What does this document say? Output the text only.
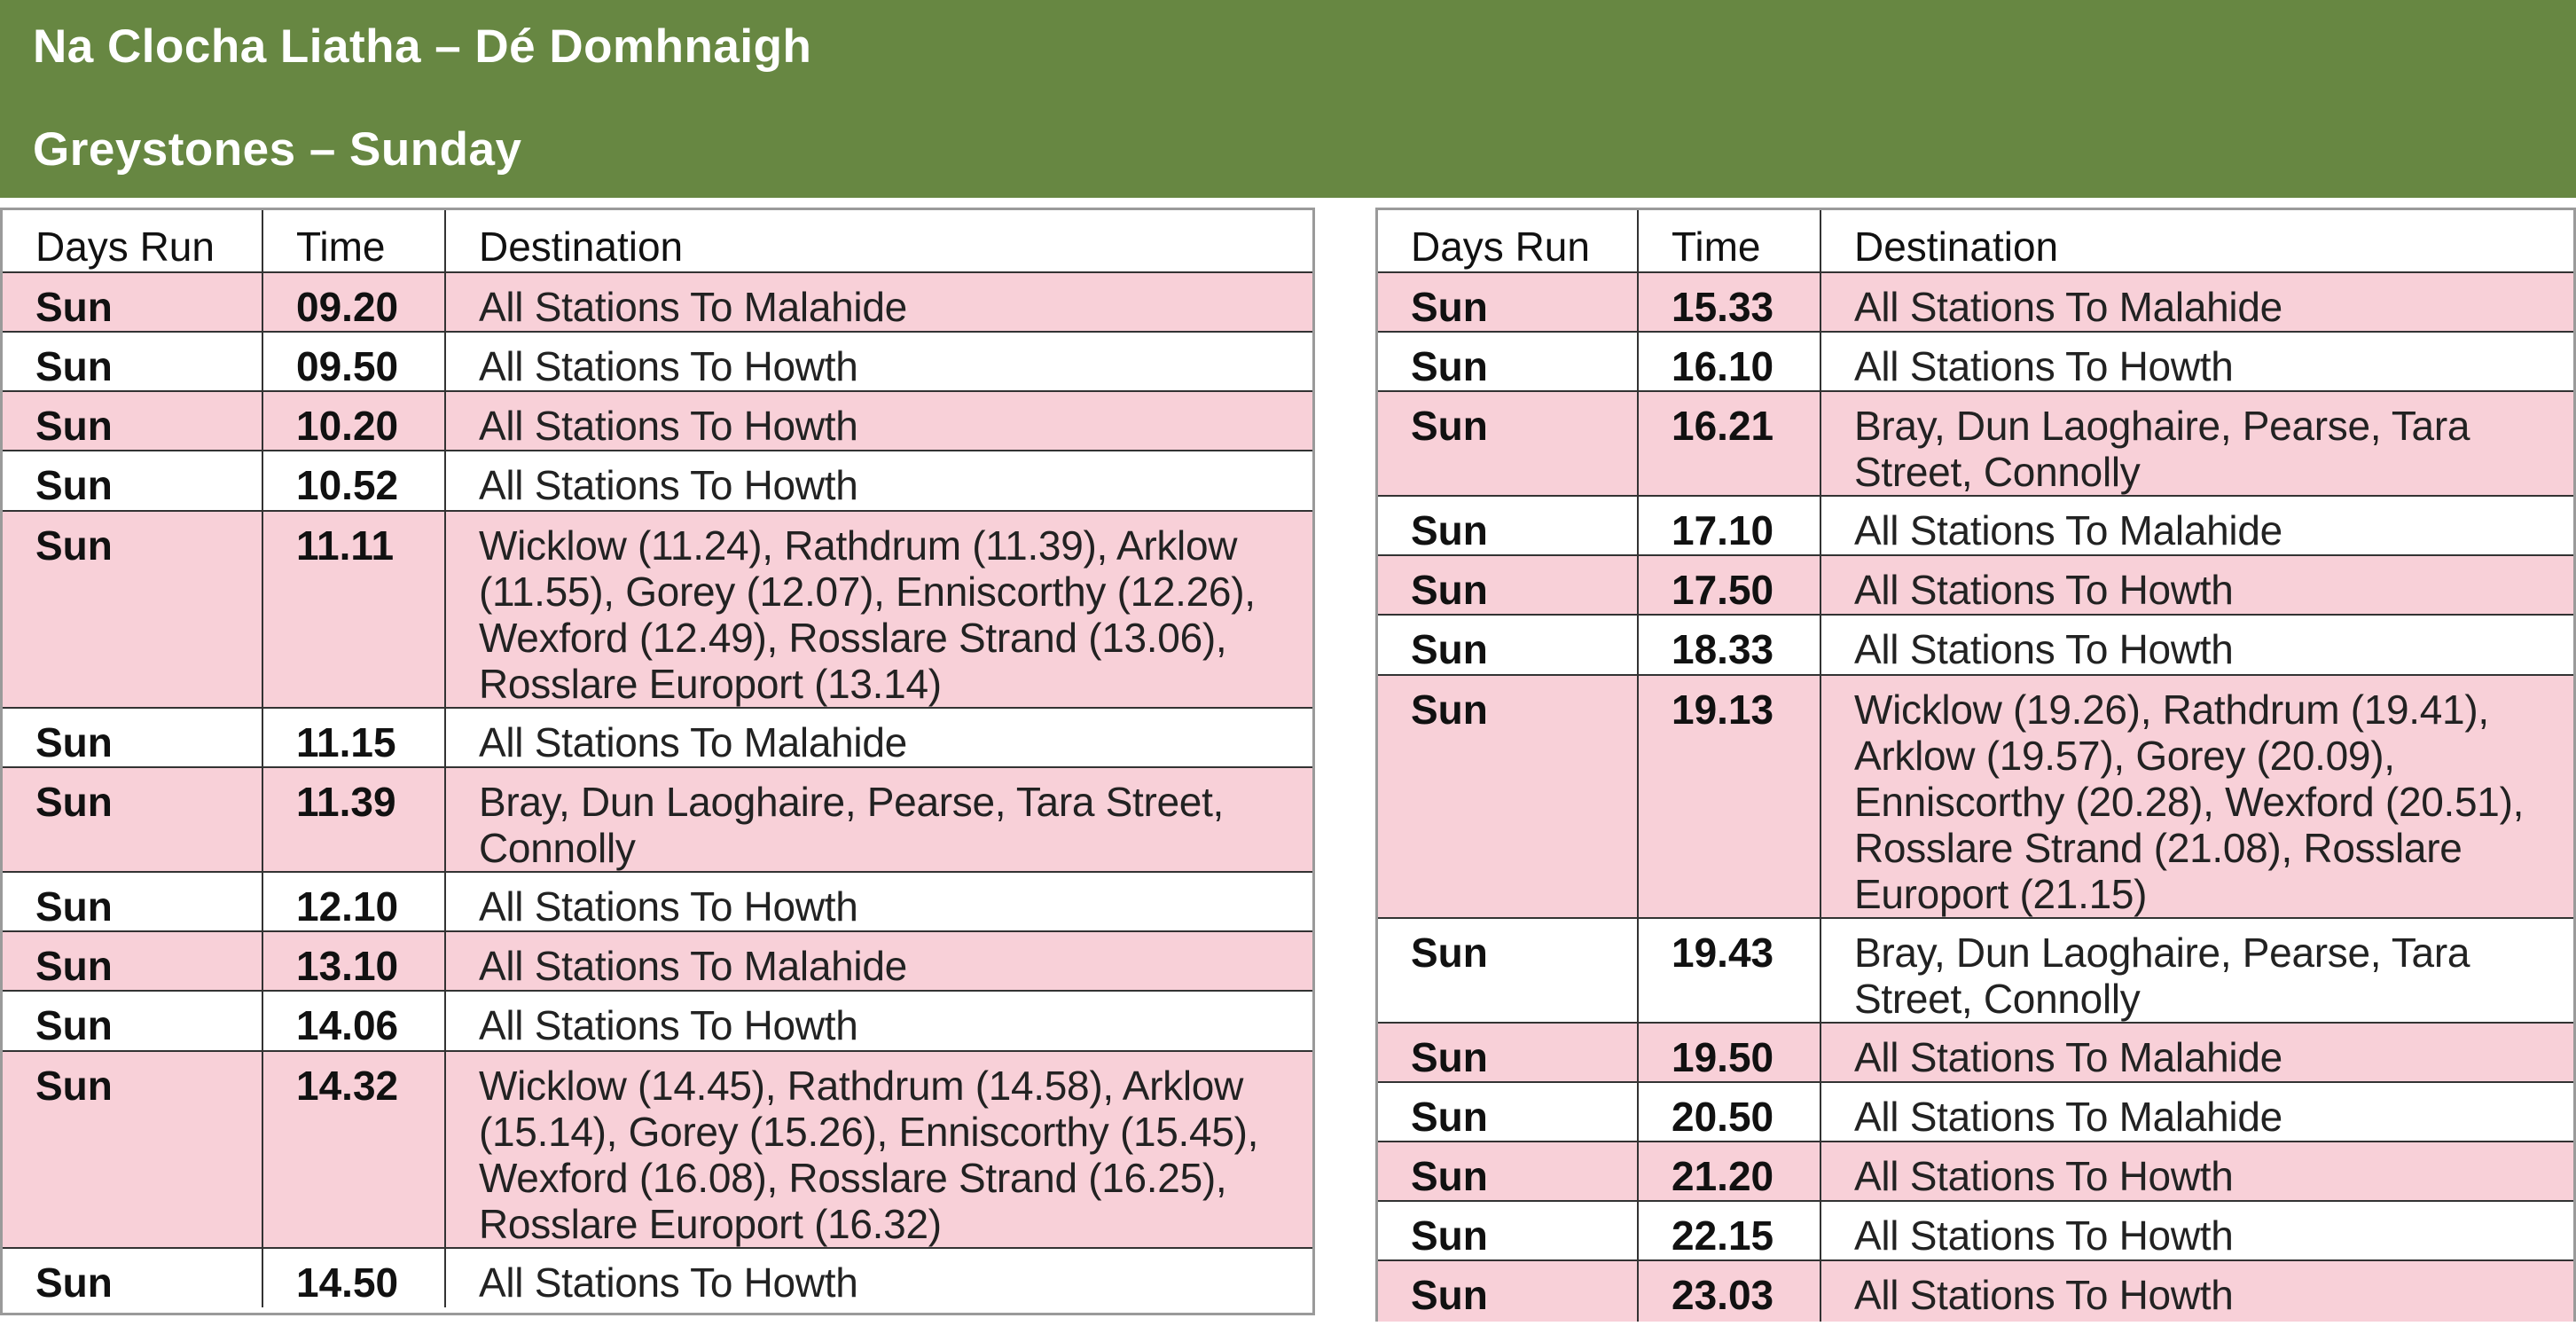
Na Clocha Liatha – Dé Domhnaigh
Greystones – Sunday
Days Run	Time	Destination
Sun	09.20	All Stations To Malahide
Sun	09.50	All Stations To Howth
Sun	10.20	All Stations To Howth
Sun	10.52	All Stations To Howth
Sun	11.11	Wicklow (11.24), Rathdrum (11.39), Arklow (11.55), Gorey (12.07), Enniscorthy (12.26), Wexford (12.49), Rosslare Strand (13.06), Rosslare Europort (13.14)
Sun	11.15	All Stations To Malahide
Sun	11.39	Bray, Dun Laoghaire, Pearse, Tara Street, Connolly
Sun	12.10	All Stations To Howth
Sun	13.10	All Stations To Malahide
Sun	14.06	All Stations To Howth
Sun	14.32	Wicklow (14.45), Rathdrum (14.58), Arklow (15.14), Gorey (15.26), Enniscorthy (15.45), Wexford (16.08), Rosslare Strand (16.25), Rosslare Europort (16.32)
Sun	14.50	All Stations To Howth
Days Run	Time	Destination
Sun	15.33	All Stations To Malahide
Sun	16.10	All Stations To Howth
Sun	16.21	Bray, Dun Laoghaire, Pearse, Tara Street, Connolly
Sun	17.10	All Stations To Malahide
Sun	17.50	All Stations To Howth
Sun	18.33	All Stations To Howth
Sun	19.13	Wicklow (19.26), Rathdrum (19.41), Arklow (19.57), Gorey (20.09), Enniscorthy (20.28), Wexford (20.51), Rosslare Strand (21.08), Rosslare Europort (21.15)
Sun	19.43	Bray, Dun Laoghaire, Pearse, Tara Street, Connolly
Sun	19.50	All Stations To Malahide
Sun	20.50	All Stations To Malahide
Sun	21.20	All Stations To Howth
Sun	22.15	All Stations To Howth
Sun	23.03	All Stations To Howth
